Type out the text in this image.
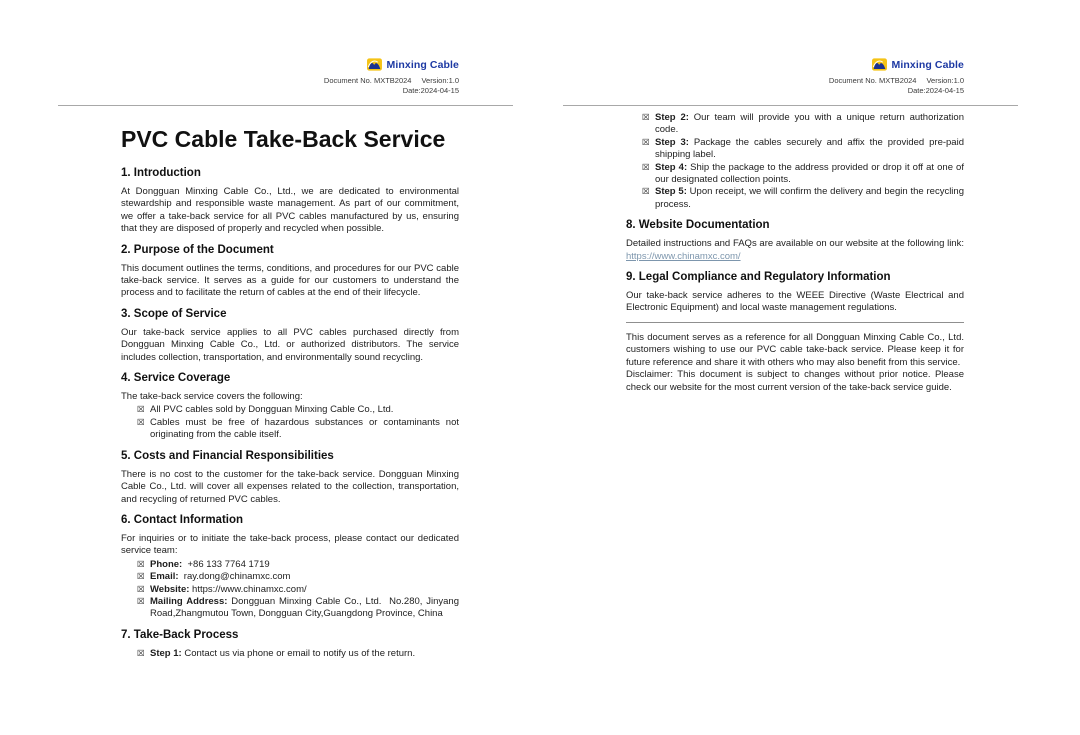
Minxing Cable
Document No. MXTB2024 Version:1.0
Date:2024-04-15
PVC Cable Take-Back Service
1. Introduction

At Dongguan Minxing Cable Co., Ltd., we are dedicated to environmental stewardship and responsible waste management. As part of our commitment, we offer a take-back service for all PVC cables manufactured by us, ensuring that they are disposed of properly and recycled when possible.

2. Purpose of the Document

This document outlines the terms, conditions, and procedures for our PVC cable take-back service. It serves as a guide for our customers to understand the process and to facilitate the return of cables at the end of their lifecycle.

3. Scope of Service

Our take-back service applies to all PVC cables purchased directly from Dongguan Minxing Cable Co., Ltd. or authorized distributors. The service includes collection, transportation, and environmentally sound recycling.

4. Service Coverage

The take-back service covers the following:

☒ All PVC cables sold by Dongguan Minxing Cable Co., Ltd.
☒ Cables must be free of hazardous substances or contaminants not originating from the cable itself.
5. Costs and Financial Responsibilities

There is no cost to the customer for the take-back service. Dongguan Minxing Cable Co., Ltd. will cover all expenses related to the collection, transportation, and recycling of returned PVC cables.

6. Contact Information

For inquiries or to initiate the take-back process, please contact our dedicated service team:

☒ Phone:  +86 133 7764 1719
☒ Email:  ray.dong@chinamxc.com
☒ Website: https://www.chinamxc.com/
☒ Mailing Address: Dongguan Minxing Cable Co., Ltd.  No.280, Jinyang Road,Zhangmutou Town, Dongguan City,Guangdong Province, China
7. Take-Back Process
☒ Step 1: Contact us via phone or email to notify us of the return.
Minxing Cable
Document No. MXTB2024 Version:1.0
Date:2024-04-15
☒ Step 2: Our team will provide you with a unique return authorization code.
☒ Step 3: Package the cables securely and affix the provided pre-paid shipping label.
☒ Step 4: Ship the package to the address provided or drop it off at one of our designated collection points.
☒ Step 5: Upon receipt, we will confirm the delivery and begin the recycling process.
8. Website Documentation

Detailed instructions and FAQs are available on our website at the following link: https://www.chinamxc.com/

9. Legal Compliance and Regulatory Information

Our take-back service adheres to the WEEE Directive (Waste Electrical and Electronic Equipment) and local waste management regulations.

This document serves as a reference for all Dongguan Minxing Cable Co., Ltd. customers wishing to use our PVC cable take-back service. Please keep it for future reference and share it with others who may also benefit from this service.

Disclaimer: This document is subject to changes without prior notice. Please check our website for the most current version of the take-back service guide.
